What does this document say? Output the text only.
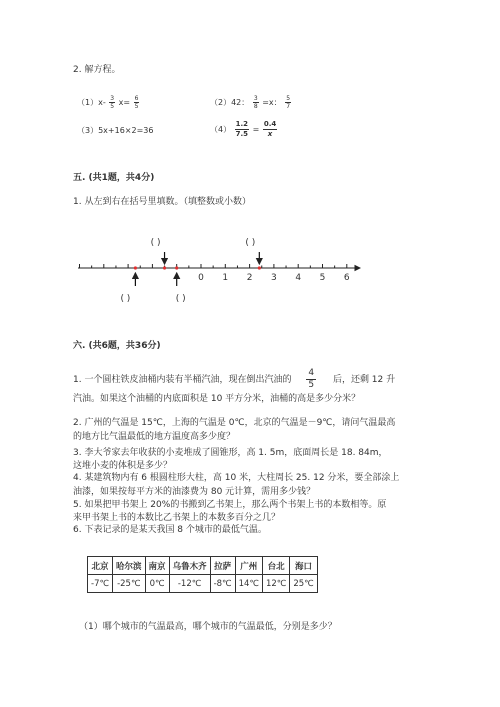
2. 解方程。
$(1)x- \frac{3}{5} x= \frac{6}{5}$	（2）42： $\frac{3}{8} =x$： $\frac{5}{7}$
（3）5x+16×2=36	$(4) \frac{1.2}{7.5} = \frac{0.4}{x}$
五. (共1题，共4分)
1. 从左到右在括号里填数。（填整数或小数）
0 1 2 3 4 5 6
( )	( )
( )	( )
六. (共6题，共36分)
1. 一个圆柱铁皮油桶内装有半桶汽油，现在倒出汽油的 $\frac{4}{5}$ 后，还剩 12 升
汽油。如果这个油桶的内底面积是 10 平方分米，油桶的高是多少分米？
2. 广州的气温是 15℃，上海的气温是 0℃，北京的气温是－9℃，请问气温最高
的地方比气温最低的地方温度高多少度？
3. 李大爷家去年收获的小麦堆成了圆锥形，高 1. 5m，底面周长是 18. 84m，
这堆小麦的体积是多少？
4. 某建筑物内有 6 根圆柱形大柱，高 10 米，大柱周长 25. 12 分米，要全部涂上
油漆，如果按每平方米的油漆费为 80 元计算，需用多少钱？
5. 如果把甲书架上 20%的书搬到乙书架上，那么两个书架上书的本数相等。原
来甲书架上书的本数比乙书架上的本数多百分之几？
6. 下表记录的是某天我国 8 个城市的最低气温。
北京	哈尔滨	南京	乌鲁木齐	拉萨	广州	台北	海口
-7℃	-25℃	0℃	-12℃	-8℃	14℃	12℃	25℃
（1）哪个城市的气温最高，哪个城市的气温最低，分别是多少？
